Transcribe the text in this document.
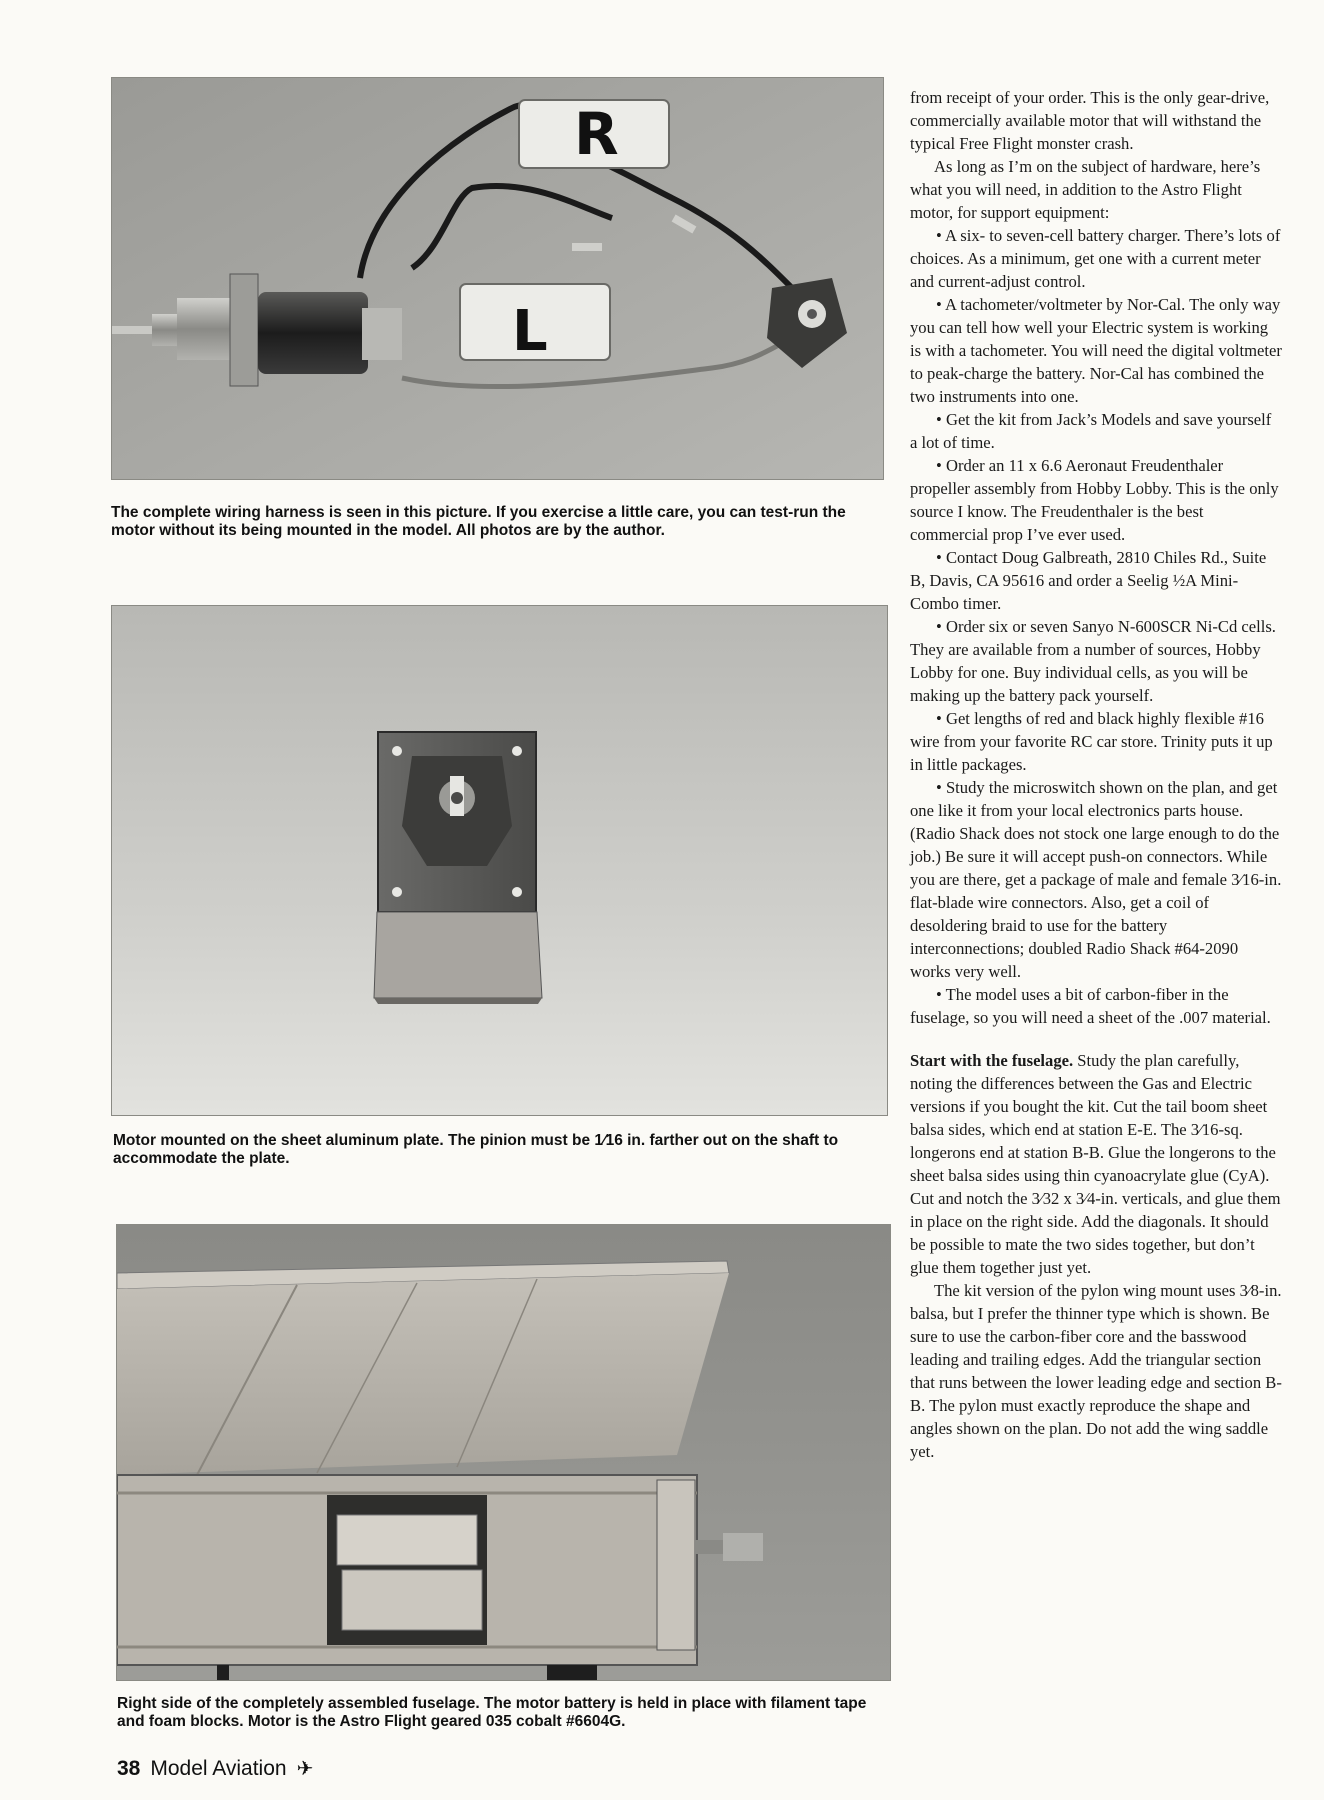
R
L
The complete wiring harness is seen in this picture. If you exercise a little care, you can test-run the motor without its being mounted in the model. All photos are by the author.
Motor mounted on the sheet aluminum plate. The pinion must be 1⁄16 in. farther out on the shaft to accommodate the plate.
Right side of the completely assembled fuselage. The motor battery is held in place with filament tape and foam blocks. Motor is the Astro Flight geared 035 cobalt #6604G.

from receipt of your order. This is the only gear-drive, commercially available motor that will withstand the typical Free Flight monster crash.

As long as I’m on the subject of hardware, here’s what you will need, in addition to the Astro Flight motor, for support equipment:

• A six- to seven-cell battery charger. There’s lots of choices. As a minimum, get one with a current meter and current-adjust control.

• A tachometer/voltmeter by Nor-Cal. The only way you can tell how well your Electric system is working is with a tachometer. You will need the digital voltmeter to peak-charge the battery. Nor-Cal has combined the two instruments into one.

• Get the kit from Jack’s Models and save yourself a lot of time.

• Order an 11 x 6.6 Aeronaut Freudenthaler propeller assembly from Hobby Lobby. This is the only source I know. The Freudenthaler is the best commercial prop I’ve ever used.

• Contact Doug Galbreath, 2810 Chiles Rd., Suite B, Davis, CA 95616 and order a Seelig ½A Mini-Combo timer.

• Order six or seven Sanyo N-600SCR Ni-Cd cells. They are available from a number of sources, Hobby Lobby for one. Buy individual cells, as you will be making up the battery pack yourself.

• Get lengths of red and black highly flexible #16 wire from your favorite RC car store. Trinity puts it up in little packages.

• Study the microswitch shown on the plan, and get one like it from your local electronics parts house. (Radio Shack does not stock one large enough to do the job.) Be sure it will accept push-on connectors. While you are there, get a package of male and female 3⁄16-in. flat-blade wire connectors. Also, get a coil of desoldering braid to use for the battery interconnections; doubled Radio Shack #64-2090 works very well.

• The model uses a bit of carbon-fiber in the fuselage, so you will need a sheet of the .007 material.

Start with the fuselage. Study the plan carefully, noting the differences between the Gas and Electric versions if you bought the kit. Cut the tail boom sheet balsa sides, which end at station E-E. The 3⁄16-sq. longerons end at station B-B. Glue the longerons to the sheet balsa sides using thin cyanoacrylate glue (CyA). Cut and notch the 3⁄32 x 3⁄4-in. verticals, and glue them in place on the right side. Add the diagonals. It should be possible to mate the two sides together, but don’t glue them together just yet.

The kit version of the pylon wing mount uses 3⁄8-in. balsa, but I prefer the thinner type which is shown. Be sure to use the carbon-fiber core and the basswood leading and trailing edges. Add the triangular section that runs between the lower leading edge and section B-B. The pylon must exactly reproduce the shape and angles shown on the plan. Do not add the wing saddle yet.

38 Model Aviation ✈
